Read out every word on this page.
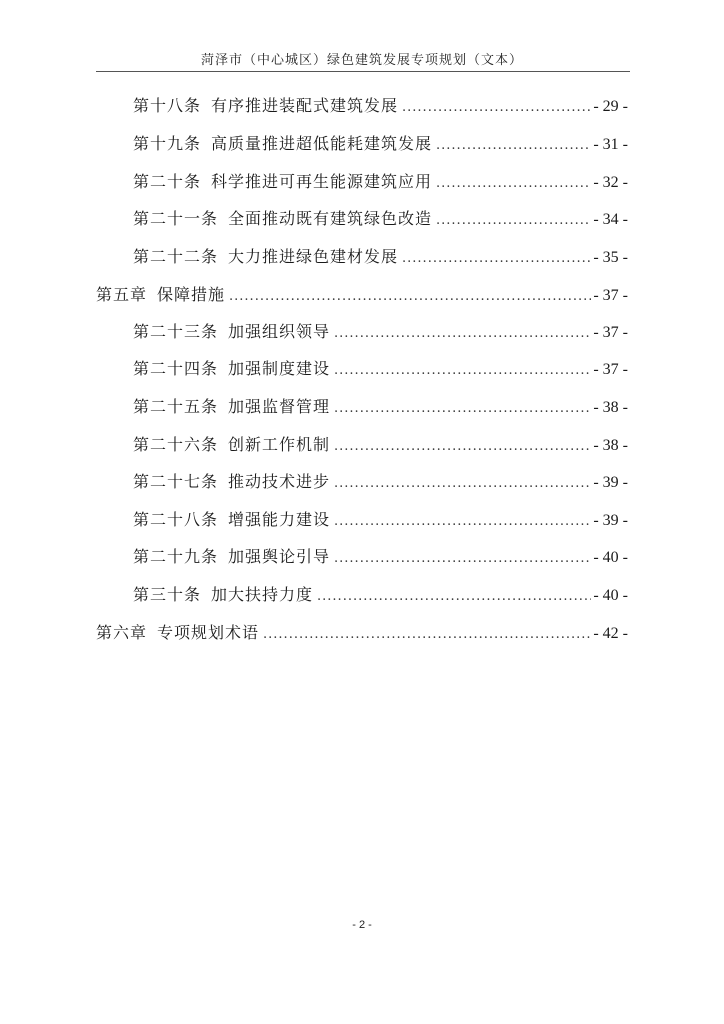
菏泽市（中心城区）绿色建筑发展专项规划（文本）
第十八条 有序推进装配式建筑发展 .....	- 29 -
第十九条 高质量推进超低能耗建筑发展 .....	- 31 -
第二十条 科学推进可再生能源建筑应用 .....	- 32 -
第二十一条 全面推动既有建筑绿色改造 .....	- 34 -
第二十二条 大力推进绿色建材发展 .....	- 35 -
第五章 保障措施 .....	- 37 -
第二十三条 加强组织领导 .....	- 37 -
第二十四条 加强制度建设 .....	- 37 -
第二十五条 加强监督管理 .....	- 38 -
第二十六条 创新工作机制 .....	- 38 -
第二十七条 推动技术进步 .....	- 39 -
第二十八条 增强能力建设 .....	- 39 -
第二十九条 加强舆论引导 .....	- 40 -
第三十条 加大扶持力度 .....	- 40 -
第六章 专项规划术语 .....	- 42 -
- 2 -
